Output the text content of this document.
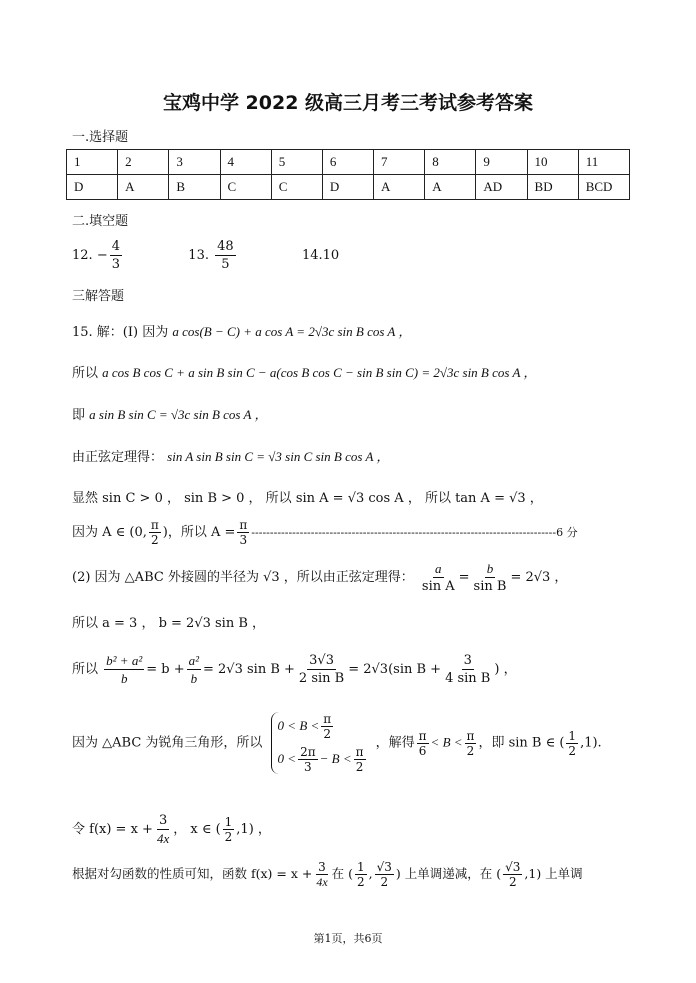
宝鸡中学 2022 级高三月考三考试参考答案
一.选择题
1	2	3	4	5	6	7	8	9	10	11
D	A	B	C	C	D	A	A	AD	BD	BCD
二.填空题
12. − $\frac{4}{3}$	13. $\frac{48}{5}$	14.10
三解答题
15. 解：(I) 因为 a cos(B − C) + a cos A = 2√3c sin B cos A ，
所以 a cos B cos C + a sin B sin C − a(cos B cos C − sin B sin C) = 2√3c sin B cos A ，
即 a sin B sin C = √3c sin B cos A ，
由正弦定理得： sin A sin B sin C = √3 sin C sin B cos A ，
显然 sin C > 0 ， sin B > 0 ， 所以 sin A = √3 cos A ， 所以 tan A = √3 ，
因为 A ∈ (0, $\frac{\pi}{2}$ )，所以 $A = \frac{\pi}{3} ----------------------------------------------------------------------------------6$ 分
(2) 因为 △ABC 外接圆的半径为 √3 ，所以由正弦定理得： $\frac{a}{\text{sin A}} = \frac{b}{\text{sin B}} = 2√3$ ，
所以 a = 3 ， b = 2√3 sin B ，
所以 $\frac{\text{b² + a²}}{b} = b + \frac{\text{a²}}{b} = 2√3$ $\sin B + \frac{3√3}{\text{2 sin B}} = 2√3(\sin$ $B + \frac{3}{\text{4 sin B}}$ ) ，
因为 △ABC 为锐角三角形，所以
$0 < B < \frac{\pi}{2}$
$0 < \frac{2\pi}{3} - B < \frac{\pi}{2}$
，解得 $\frac{\pi}{6} < B < \frac{\pi}{2}$ ，即 sin B ∈ ( $\frac{1}{2} ,1$).
令 $f(x) = x + \frac{3}{4x}$ ， x ∈ ( $\frac{1}{2} ,1$) ，
根据对勾函数的性质可知，函数 $f(x) = x + \frac{3}{4x}$ 在 ( $\frac{1}{2}$ , $\frac{√3}{2}$ ) 上单调递减，在 ( $\frac{√3}{2} ,1$) 上单调
第1页，共6页
